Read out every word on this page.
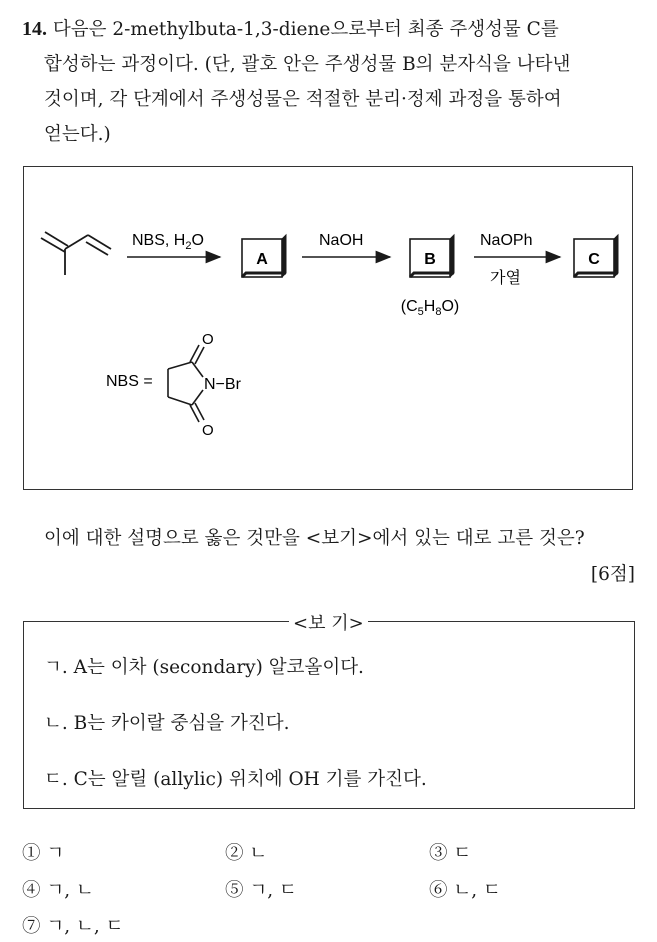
14. 다음은 2-methylbuta-1,3-diene으로부터 최종 주생성물 C를
합성하는 과정이다. (단, 괄호 안은 주생성물 B의 분자식을 나타낸
것이며, 각 단계에서 주생성물은 적절한 분리·정제 과정을 통하여
얻는다.)
NBS, $H_2O$
A
NaOH
B
$(C_5H_8O)$
NaOPh
가열
C
NBS =
O
O
N−Br
이에 대한 설명으로 옳은 것만을 <보기>에서 있는 대로 고른 것은?
[6점]
<보 기>
ㄱ. A는 이차 (secondary) 알코올이다.
ㄴ. B는 카이랄 중심을 가진다.
ㄷ. C는 알릴 (allylic) 위치에 OH 기를 가진다.
① ㄱ	② ㄴ	③ ㄷ
④ ㄱ, ㄴ	⑤ ㄱ, ㄷ	⑥ ㄴ, ㄷ
⑦ ㄱ, ㄴ, ㄷ
